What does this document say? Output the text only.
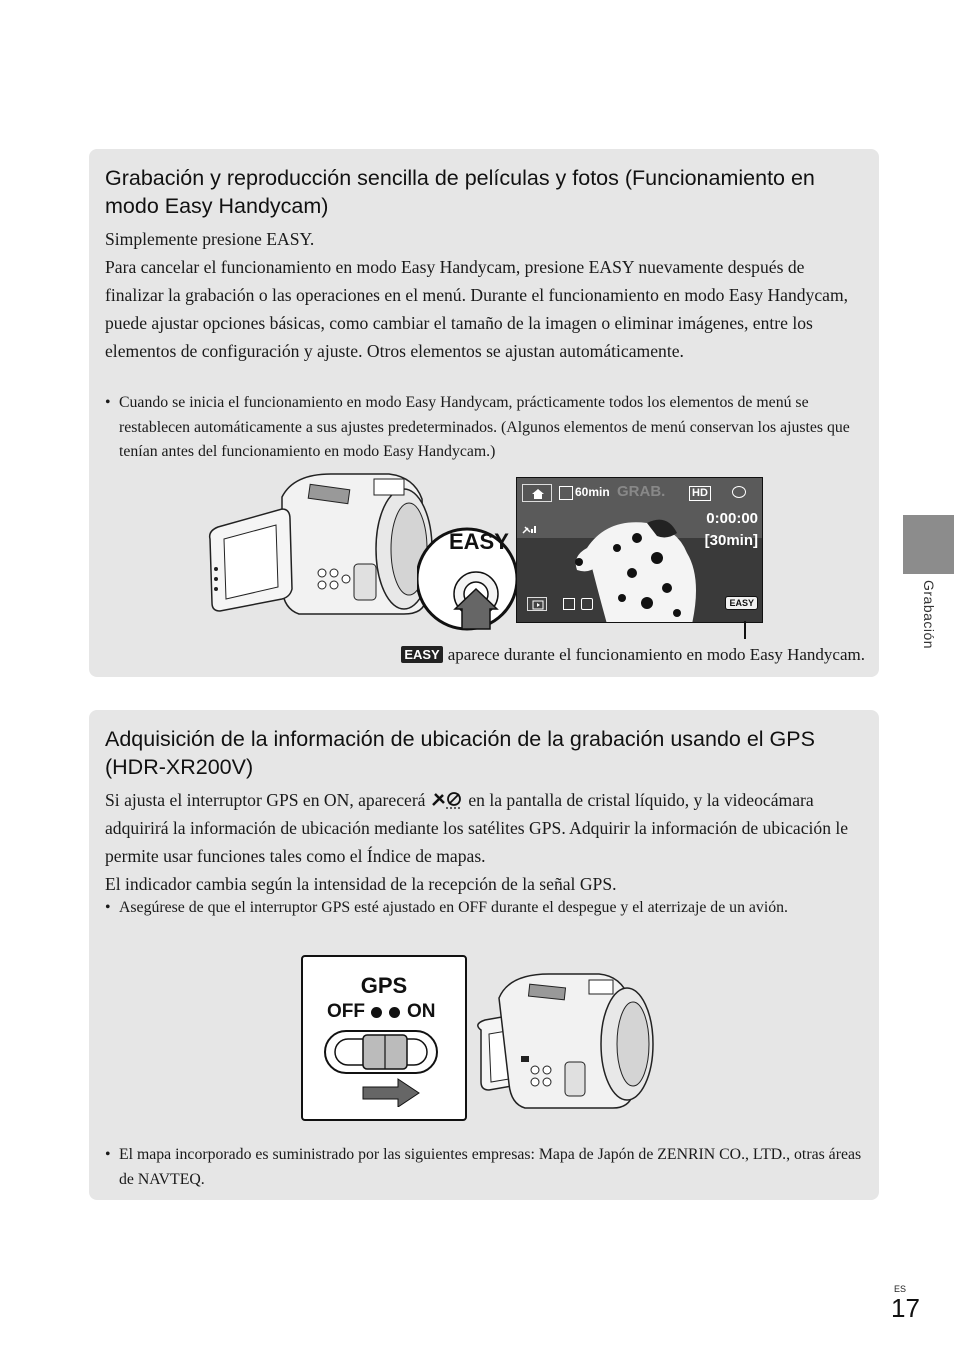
Grabación y reproducción sencilla de películas y fotos (Funcionamiento en modo Easy Handycam)

Simplemente presione EASY.

Para cancelar el funcionamiento en modo Easy Handycam, presione EASY nuevamente después de finalizar la grabación o las operaciones en el menú. Durante el funcionamiento en modo Easy Handycam, puede ajustar opciones básicas, como cambiar el tamaño de la imagen o eliminar imágenes, entre los elementos de configuración y ajuste. Otros elementos se ajustan automáticamente.

• Cuando se inicia el funcionamiento en modo Easy Handycam, prácticamente todos los elementos de menú se restablecen automáticamente a sus ajustes predeterminados. (Algunos elementos de menú conservan los ajustes que tenían antes del funcionamiento en modo Easy Handycam.)
EASY
60min GRAB. HD
0:00:00
[30min]
EASY
EASY aparece durante el funcionamiento en modo Easy Handycam.
Adquisición de la información de ubicación de la grabación usando el GPS (HDR-XR200V)

Si ajusta el interruptor GPS en ON, aparecerá en la pantalla de cristal líquido, y la videocámara adquirirá la información de ubicación mediante los satélites GPS. Adquirir la información de ubicación le permite usar funciones tales como el Índice de mapas.

El indicador cambia según la intensidad de la recepción de la señal GPS.

• Asegúrese de que el interruptor GPS esté ajustado en OFF durante el despegue y el aterrizaje de un avión.
GPS
OFF ON
• El mapa incorporado es suministrado por las siguientes empresas: Mapa de Japón de ZENRIN CO., LTD., otras áreas de NAVTEQ.
Grabación
ES
17
